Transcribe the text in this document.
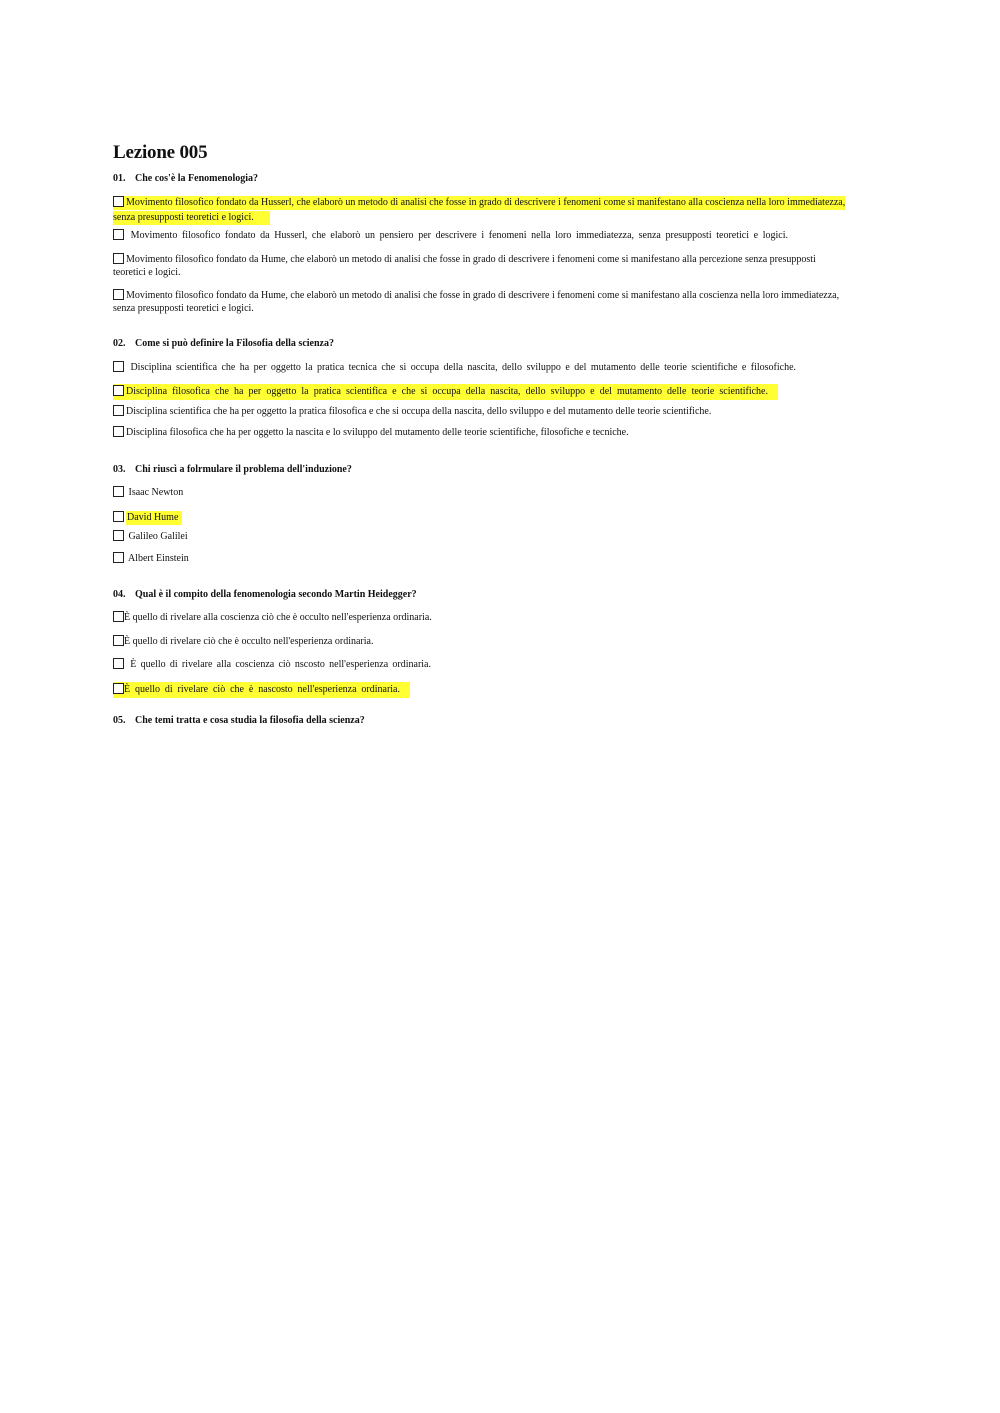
Lezione 005
01. Che cos'è la Fenomenologia?
Movimento filosofico fondato da Husserl, che elaborò un metodo di analisi che fosse in grado di descrivere i fenomeni come si manifestano alla coscienza nella loro immediatezza, senza presupposti teoretici e logici.
Movimento filosofico fondato da Husserl, che elaborò un pensiero per descrivere i fenomeni nella loro immediatezza, senza presupposti teoretici e logici.
Movimento filosofico fondato da Hume, che elaborò un metodo di analisi che fosse in grado di descrivere i fenomeni come si manifestano alla percezione senza presupposti teoretici e logici.
Movimento filosofico fondato da Hume, che elaborò un metodo di analisi che fosse in grado di descrivere i fenomeni come si manifestano alla coscienza nella loro immediatezza, senza presupposti teoretici e logici.
02. Come si può definire la Filosofia della scienza?
Disciplina scientifica che ha per oggetto la pratica tecnica che si occupa della nascita, dello sviluppo e del mutamento delle teorie scientifiche e filosofiche.
Disciplina filosofica che ha per oggetto la pratica scientifica e che si occupa della nascita, dello sviluppo e del mutamento delle teorie scientifiche.
Disciplina scientifica che ha per oggetto la pratica filosofica e che si occupa della nascita, dello sviluppo e del mutamento delle teorie scientifiche.
Disciplina filosofica che ha per oggetto la nascita e lo sviluppo del mutamento delle teorie scientifiche, filosofiche e tecniche.
03. Chi riuscì a folrmulare il problema dell'induzione?
Isaac Newton
David Hume
Galileo Galilei
Albert Einstein
04. Qual è il compito della fenomenologia secondo Martin Heidegger?
È quello di rivelare alla coscienza ciò che è occulto nell'esperienza ordinaria.
È quello di rivelare ciò che è occulto nell'esperienza ordinaria.
È quello di rivelare alla coscienza ciò nscosto nell'esperienza ordinaria.
È quello di rivelare ciò che è nascosto nell'esperienza ordinaria.
05. Che temi tratta e cosa studia la filosofia della scienza?
